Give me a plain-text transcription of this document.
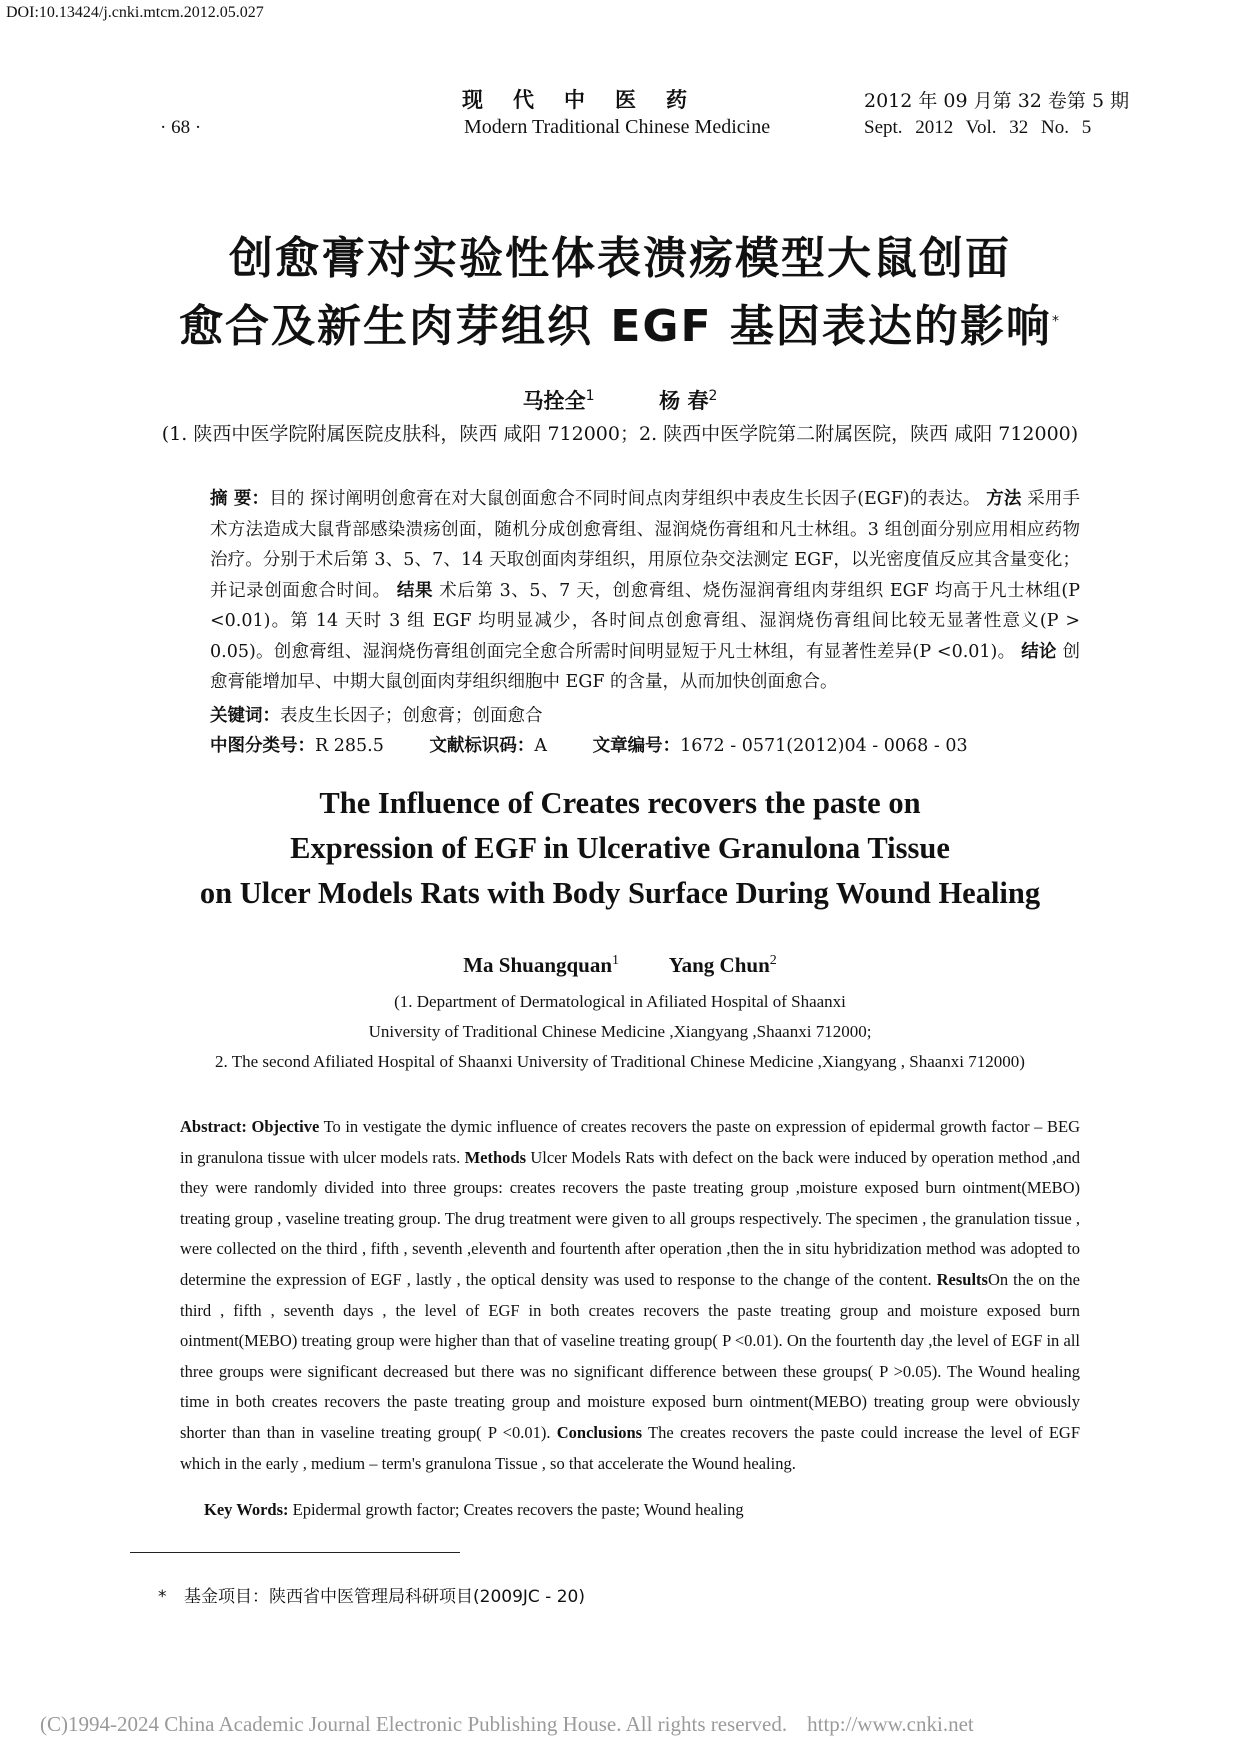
DOI:10.13424/j.cnki.mtcm.2012.05.027
现代中医药	2012 年 09 月第 32 卷第 5 期
· 68 ·	Modern Traditional Chinese Medicine	Sept. 2012 Vol. 32 No. 5
创愈膏对实验性体表溃疡模型大鼠创面
愈合及新生肉芽组织 EGF 基因表达的影响*
马拴全$^1$	杨 春$^2$
(1. 陕西中医学院附属医院皮肤科，陕西 咸阳 712000；2. 陕西中医学院第二附属医院，陕西 咸阳 712000)
摘 要：目的 探讨阐明创愈膏在对大鼠创面愈合不同时间点肉芽组织中表皮生长因子(EGF)的表达。 方法 采用手术方法造成大鼠背部感染溃疡创面，随机分成创愈膏组、湿润烧伤膏组和凡士林组。3 组创面分别应用相应药物治疗。分别于术后第 3、5、7、14 天取创面肉芽组织，用原位杂交法测定 EGF，以光密度值反应其含量变化；并记录创面愈合时间。 结果 术后第 3、5、7 天，创愈膏组、烧伤湿润膏组肉芽组织 EGF 均高于凡士林组(P <0.01)。第 14 天时 3 组 EGF 均明显减少，各时间点创愈膏组、湿润烧伤膏组间比较无显著性意义(P > 0.05)。创愈膏组、湿润烧伤膏组创面完全愈合所需时间明显短于凡士林组，有显著性差异(P <0.01)。 结论 创愈膏能增加早、中期大鼠创面肉芽组织细胞中 EGF 的含量，从而加快创面愈合。
关键词：表皮生长因子；创愈膏；创面愈合
中图分类号：R 285.5	文献标识码：A	文章编号：1672 - 0571(2012)04 - 0068 - 03
The Influence of Creates recovers the paste on
Expression of EGF in Ulcerative Granulona Tissue
on Ulcer Models Rats with Body Surface During Wound Healing
Ma Shuangquan$^1$ Yang Chun$^2$
(1. Department of Dermatological in Afiliated Hospital of Shaanxi
University of Traditional Chinese Medicine ,Xiangyang ,Shaanxi 712000;
2. The second Afiliated Hospital of Shaanxi University of Traditional Chinese Medicine ,Xiangyang , Shaanxi 712000)
Abstract: Objective To in vestigate the dymic influence of creates recovers the paste on expression of epidermal growth factor – BEG in granulona tissue with ulcer models rats. Methods Ulcer Models Rats with defect on the back were induced by operation method ,and they were randomly divided into three groups: creates recovers the paste treating group ,moisture exposed burn ointment(MEBO) treating group , vaseline treating group. The drug treatment were given to all groups respectively. The specimen , the granulation tissue , were collected on the third , fifth , seventh ,eleventh and fourtenth after operation ,then the in situ hybridization method was adopted to determine the expression of EGF , lastly , the optical density was used to response to the change of the content. ResultsOn the on the third , fifth , seventh days , the level of EGF in both creates recovers the paste treating group and moisture exposed burn ointment(MEBO) treating group were higher than that of vaseline treating group( P <0.01). On the fourtenth day ,the level of EGF in all three groups were significant decreased but there was no significant difference between these groups( P >0.05). The Wound healing time in both creates recovers the paste treating group and moisture exposed burn ointment(MEBO) treating group were obviously shorter than than in vaseline treating group( P <0.01). Conclusions The creates recovers the paste could increase the level of EGF which in the early , medium – term's granulona Tissue , so that accelerate the Wound healing.
Key Words: Epidermal growth factor; Creates recovers the paste; Wound healing
* 基金项目：陕西省中医管理局科研项目(2009JC - 20)
(C)1994-2024 China Academic Journal Electronic Publishing House. All rights reserved. http://www.cnki.net
